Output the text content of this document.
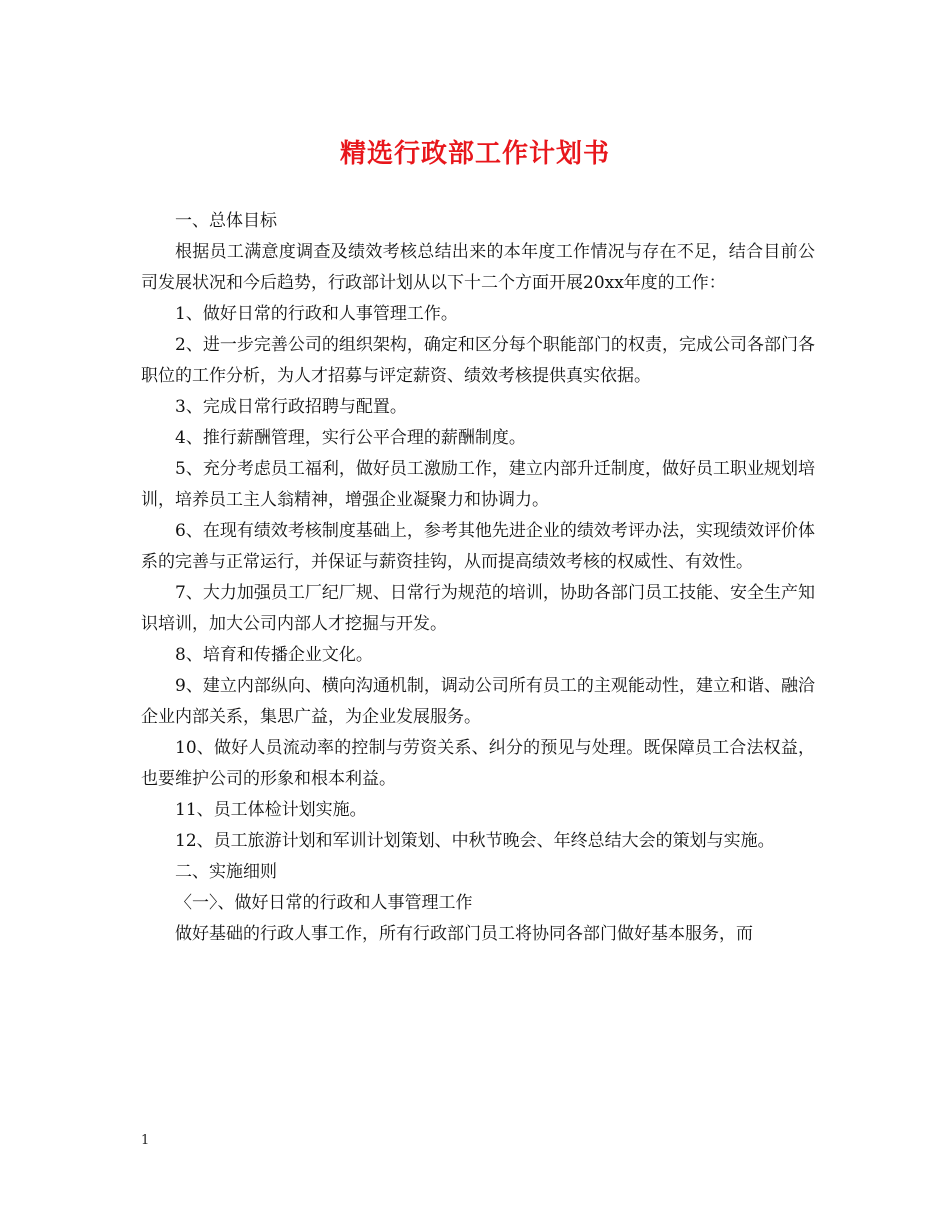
精选行政部工作计划书

一、总体目标

根据员工满意度调查及绩效考核总结出来的本年度工作情况与存在不足，结合目前公司发展状况和今后趋势，行政部计划从以下十二个方面开展20xx年度的工作：

1、做好日常的行政和人事管理工作。

2、进一步完善公司的组织架构，确定和区分每个职能部门的权责，完成公司各部门各职位的工作分析，为人才招募与评定薪资、绩效考核提供真实依据。

3、完成日常行政招聘与配置。

4、推行薪酬管理，实行公平合理的薪酬制度。

5、充分考虑员工福利，做好员工激励工作，建立内部升迁制度，做好员工职业规划培训，培养员工主人翁精神，增强企业凝聚力和协调力。

6、在现有绩效考核制度基础上，参考其他先进企业的绩效考评办法，实现绩效评价体系的完善与正常运行，并保证与薪资挂钩，从而提高绩效考核的权威性、有效性。

7、大力加强员工厂纪厂规、日常行为规范的培训，协助各部门员工技能、安全生产知识培训，加大公司内部人才挖掘与开发。

8、培育和传播企业文化。

9、建立内部纵向、横向沟通机制，调动公司所有员工的主观能动性，建立和谐、融洽企业内部关系，集思广益，为企业发展服务。

10、做好人员流动率的控制与劳资关系、纠分的预见与处理。既保障员工合法权益，也要维护公司的形象和根本利益。

11、员工体检计划实施。

12、员工旅游计划和军训计划策划、中秋节晚会、年终总结大会的策划与实施。

二、实施细则

〈一〉、做好日常的行政和人事管理工作

做好基础的行政人事工作，所有行政部门员工将协同各部门做好基本服务，而

1
